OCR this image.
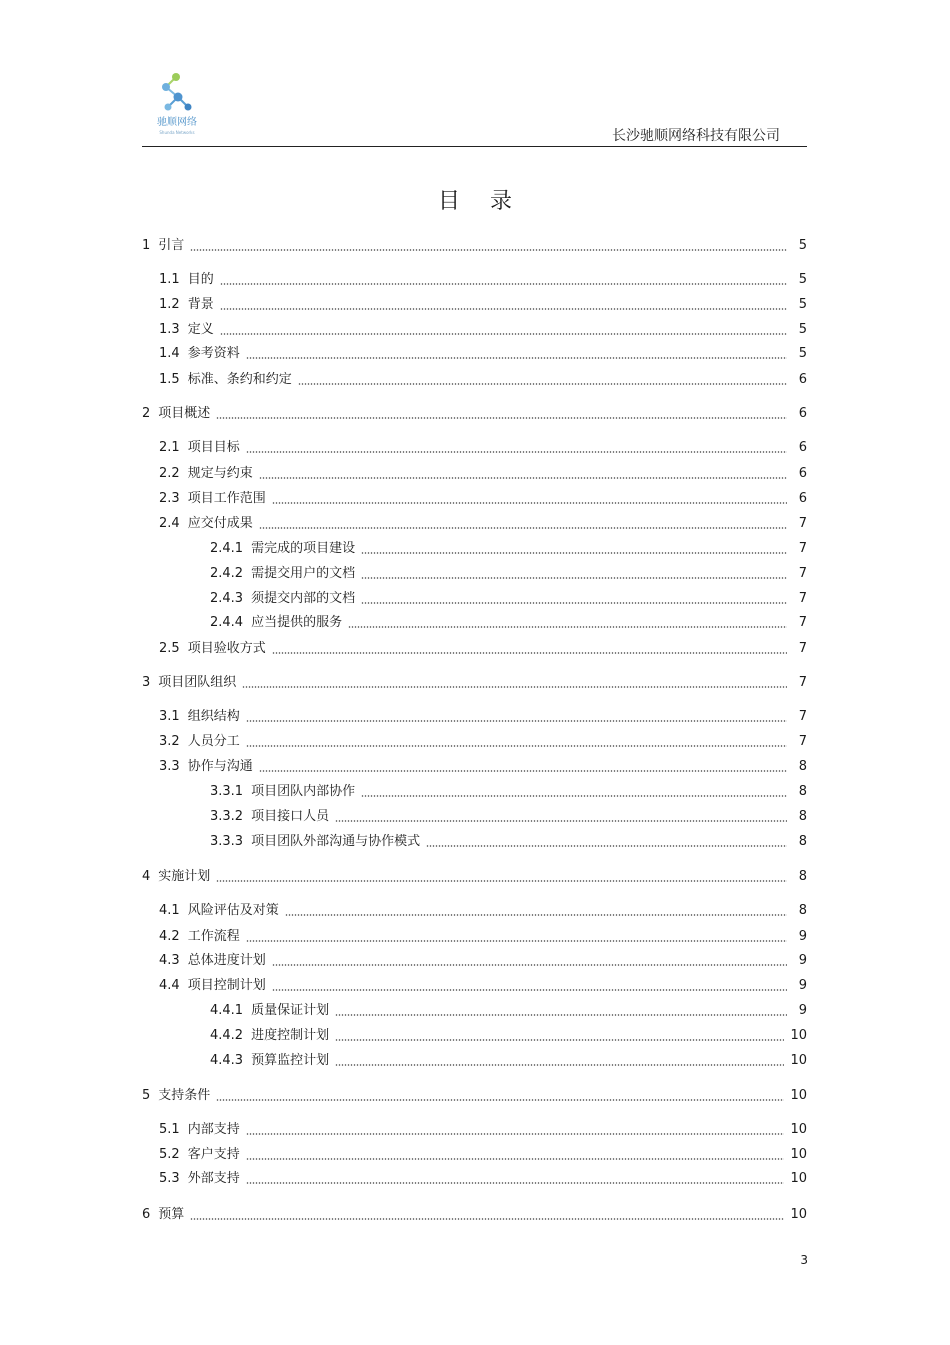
驰顺网络
Shunda Networks	长沙驰顺网络科技有限公司
目录
1 引言	5
1.1 目的	5
1.2 背景	5
1.3 定义	5
1.4 参考资料	5
1.5 标准、条约和约定	6
2 项目概述	6
2.1 项目目标	6
2.2 规定与约束	6
2.3 项目工作范围	6
2.4 应交付成果	7
2.4.1 需完成的项目建设	7
2.4.2 需提交用户的文档	7
2.4.3 须提交内部的文档	7
2.4.4 应当提供的服务	7
2.5 项目验收方式	7
3 项目团队组织	7
3.1 组织结构	7
3.2 人员分工	7
3.3 协作与沟通	8
3.3.1 项目团队内部协作	8
3.3.2 项目接口人员	8
3.3.3 项目团队外部沟通与协作模式	8
4 实施计划	8
4.1 风险评估及对策	8
4.2 工作流程	9
4.3 总体进度计划	9
4.4 项目控制计划	9
4.4.1 质量保证计划	9
4.4.2 进度控制计划	10
4.4.3 预算监控计划	10
5 支持条件	10
5.1 内部支持	10
5.2 客户支持	10
5.3 外部支持	10
6 预算	10
3
